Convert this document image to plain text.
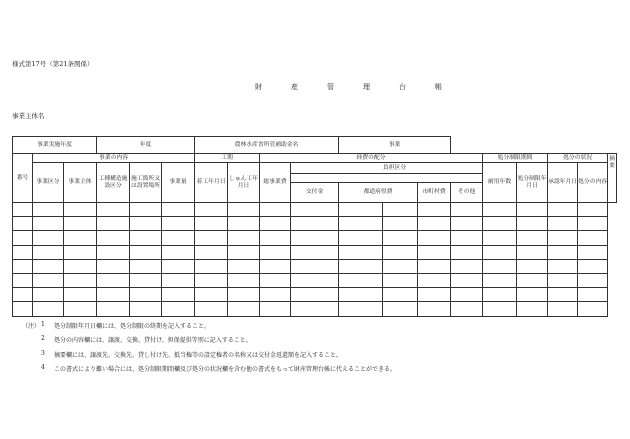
様式第17号（第21条関係）
財　産　管　理　台　帳
事業主体名
事業実施年度			年度			農林水産省所管補助金名				事業								
番号	事業の内容					工期		経費の配分						処分制限期間		処分の状況		摘要
	事業区分	事業主体	工種構造施設区分	施工箇所又は設置場所	事業量	着工年月日	しゅん工年月日	総事業費	負担区分					耐用年数	処分制限年月日	承認年月日	処分の内容	

									交付金	都道府県費		市町村費	その他					

（注） 1 処分制限年月日欄には、処分制限の終期を記入すること。
2 処分の内容欄には、譲渡、交換、貸付け、担保提供等別に記入すること。
3 摘要欄には、譲渡先、交換先、貸し付け先、抵当権等の設定権者の名称又は交付金返還額を記入すること。
4 この書式により難い場合には、処分制限期間欄及び処分の状況欄を含む他の書式をもって財産管理台帳に代えることができる。
